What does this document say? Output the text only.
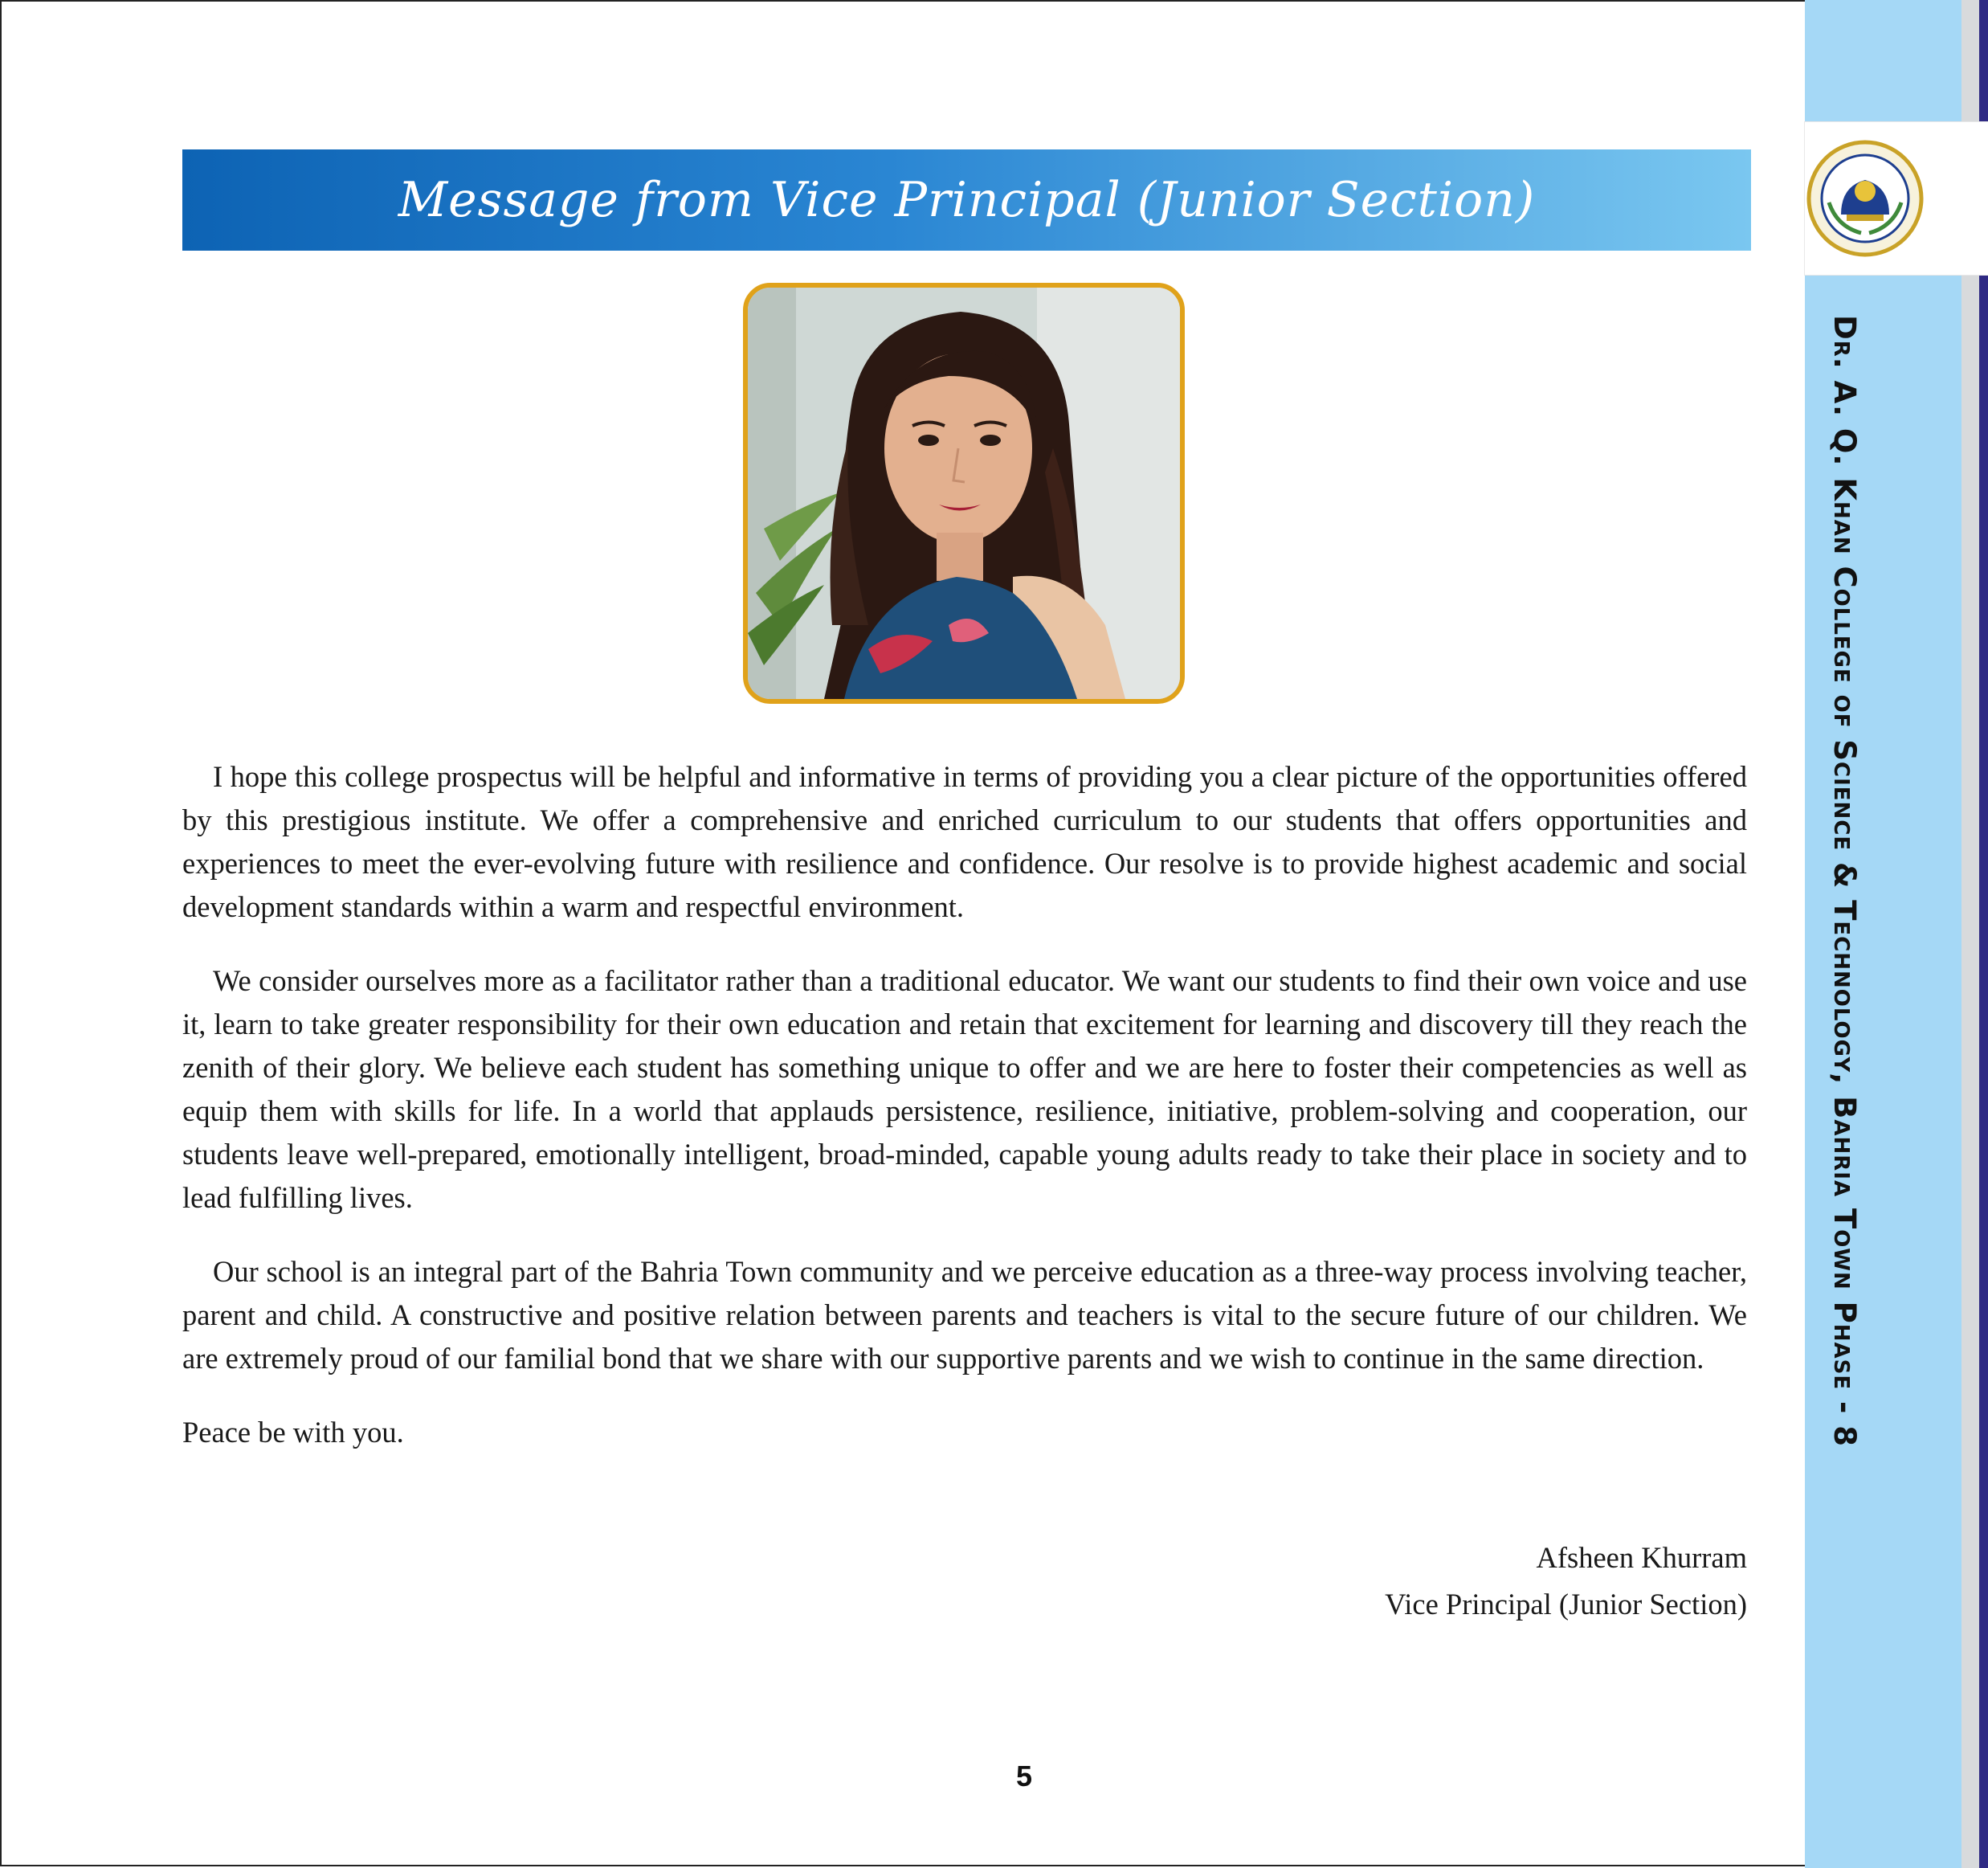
Message from Vice Principal (Junior Section)

I hope this college prospectus will be helpful and informative in terms of providing you a clear picture of the opportunities offered by this prestigious institute. We offer a comprehensive and enriched curriculum to our students that offers opportunities and experiences to meet the ever-evolving future with resilience and confidence. Our resolve is to provide highest academic and social development standards within a warm and respectful environment.

We consider ourselves more as a facilitator rather than a traditional educator. We want our students to find their own voice and use it, learn to take greater responsibility for their own education and retain that excitement for learning and discovery till they reach the zenith of their glory. We believe each student has something unique to offer and we are here to foster their competencies as well as equip them with skills for life. In a world that applauds persistence, resilience, initiative, problem-solving and cooperation, our students leave well-prepared, emotionally intelligent, broad-minded, capable young adults ready to take their place in society and to lead fulfilling lives.

Our school is an integral part of the Bahria Town community and we perceive education as a three-way process involving teacher, parent and child. A constructive and positive relation between parents and teachers is vital to the secure future of our children. We are extremely proud of our familial bond that we share with our supportive parents and we wish to continue in the same direction.

Peace be with you.

Afsheen Khurram
Vice Principal (Junior Section)
5
Dr. A. Q. Khan College of Science & Technology, Bahria Town Phase - 8
